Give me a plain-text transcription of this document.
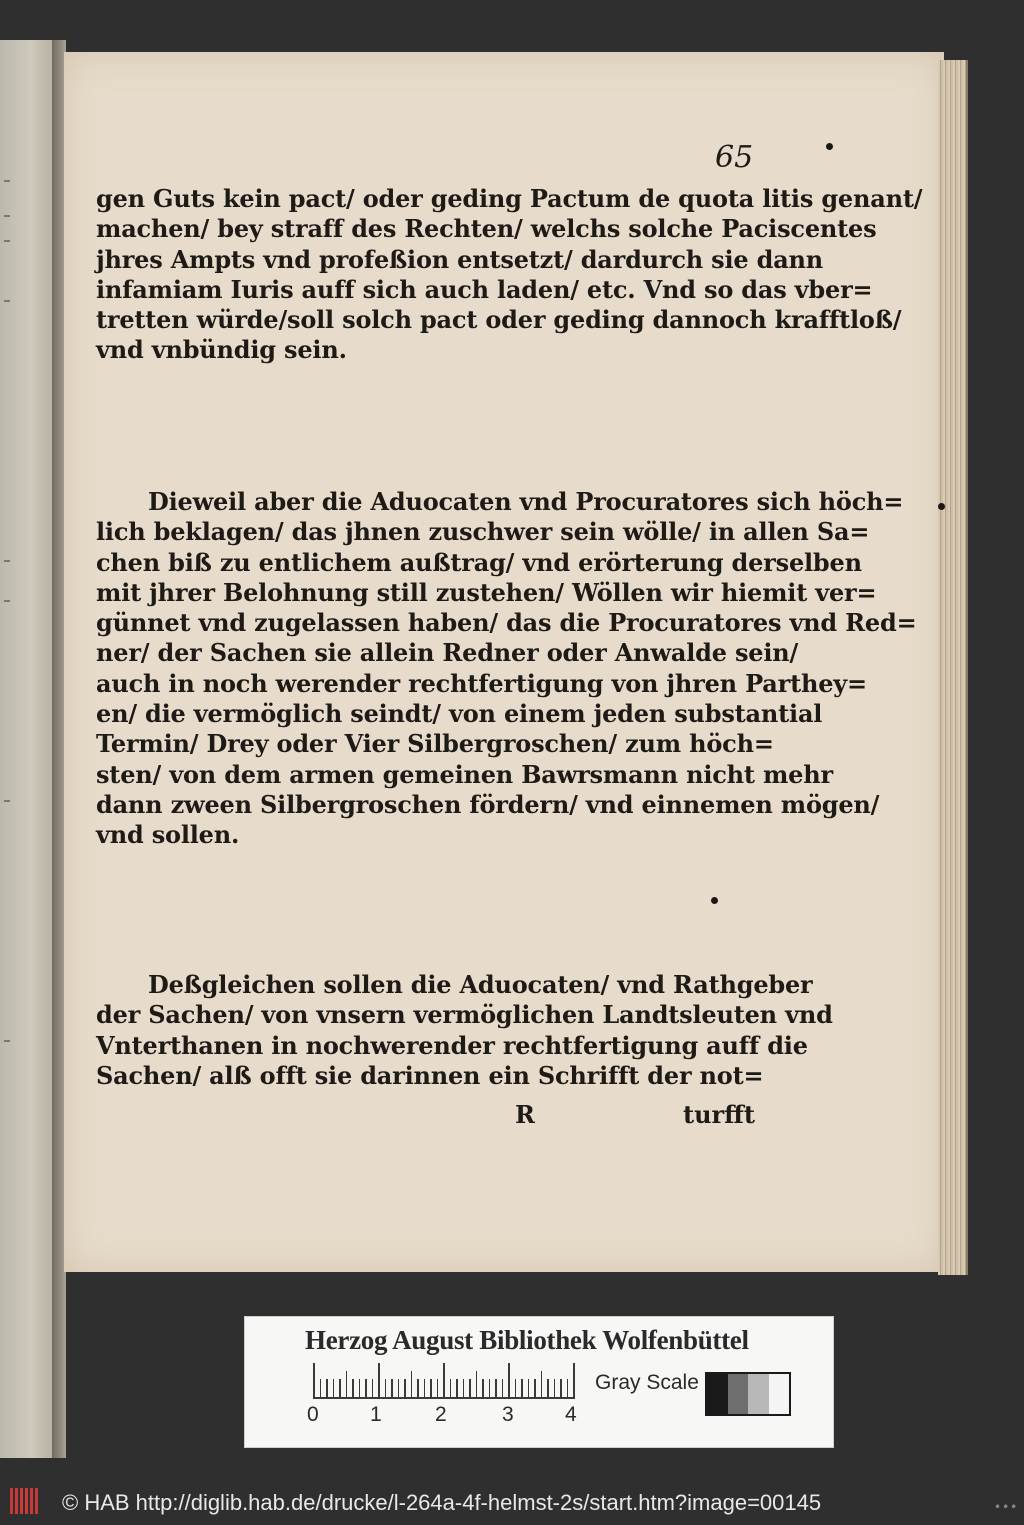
65
gen Guts kein pact/ oder geding Pactum de quota litis genant/
machen/ bey straff des Rechten/ welchs solche Paciscentes
jhres Ampts vnd profeßion entsetzt/ dardurch sie dann
infamiam Iuris auff sich auch laden/ etc. Vnd so das vber=
tretten würde/soll solch pact oder geding dannoch krafftloß/
vnd vnbündig sein.
Dieweil aber die Aduocaten vnd Procuratores sich höch=
lich beklagen/ das jhnen zuschwer sein wölle/ in allen Sa=
chen biß zu entlichem außtrag/ vnd erörterung derselben
mit jhrer Belohnung still zustehen/ Wöllen wir hiemit ver=
günnet vnd zugelassen haben/ das die Procuratores vnd Red=
ner/ der Sachen sie allein Redner oder Anwalde sein/
auch in noch werender rechtfertigung von jhren Parthey=
en/ die vermöglich seindt/ von einem jeden substantial
Termin/ Drey oder Vier Silbergroschen/ zum höch=
sten/ von dem armen gemeinen Bawrsmann nicht mehr
dann zween Silbergroschen fördern/ vnd einnemen mögen/
vnd sollen.
Deßgleichen sollen die Aduocaten/ vnd Rathgeber
der Sachen/ von vnsern vermöglichen Landtsleuten vnd
Vnterthanen in nochwerender rechtfertigung auff die
Sachen/ alß offt sie darinnen ein Schrifft der not=
R	turfft
Herzog August Bibliothek Wolfenbüttel
0 1	2	3 4
Gray Scale
© HAB http://diglib.hab.de/drucke/l-264a-4f-helmst-2s/start.htm?image=00145	•••
